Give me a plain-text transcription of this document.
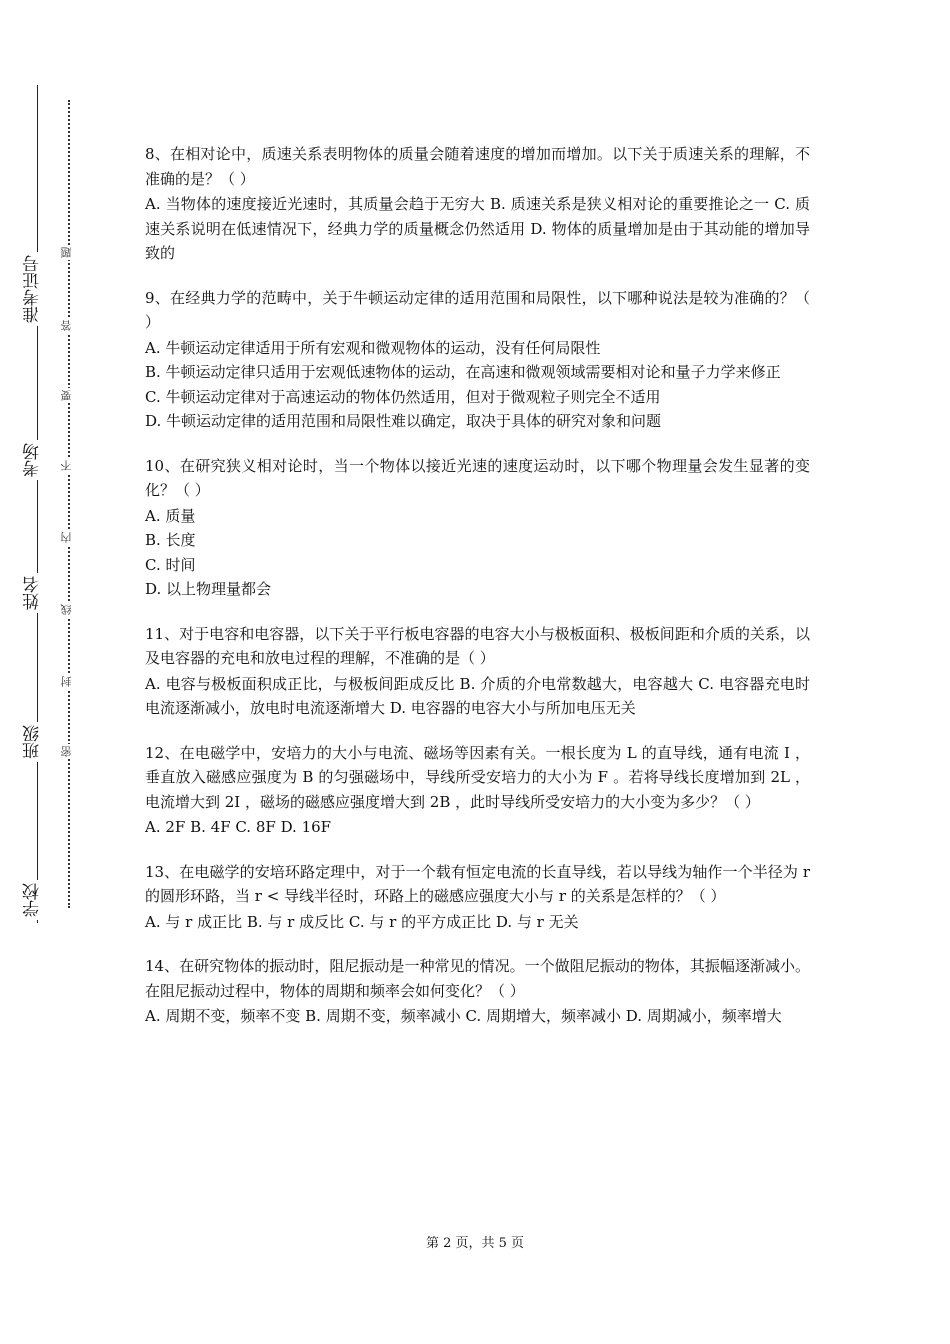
准考证号
考场
姓名
班级
学校
题
答
要
不
内
线
封
密

8、在相对论中，质速关系表明物体的质量会随着速度的增加而增加。以下关于质速关系的理解，不准确的是？（ ）

A. 当物体的速度接近光速时，其质量会趋于无穷大 B. 质速关系是狭义相对论的重要推论之一 C. 质速关系说明在低速情况下，经典力学的质量概念仍然适用 D. 物体的质量增加是由于其动能的增加导致的

9、在经典力学的范畴中，关于牛顿运动定律的适用范围和局限性，以下哪种说法是较为准确的？（ ）

A. 牛顿运动定律适用于所有宏观和微观物体的运动，没有任何局限性

B. 牛顿运动定律只适用于宏观低速物体的运动，在高速和微观领域需要相对论和量子力学来修正

C. 牛顿运动定律对于高速运动的物体仍然适用，但对于微观粒子则完全不适用

D. 牛顿运动定律的适用范围和局限性难以确定，取决于具体的研究对象和问题

10、在研究狭义相对论时，当一个物体以接近光速的速度运动时，以下哪个物理量会发生显著的变化？（ ）

A. 质量

B. 长度

C. 时间

D. 以上物理量都会

11、对于电容和电容器，以下关于平行板电容器的电容大小与极板面积、极板间距和介质的关系，以及电容器的充电和放电过程的理解，不准确的是（ ）

A. 电容与极板面积成正比，与极板间距成反比 B. 介质的介电常数越大，电容越大 C. 电容器充电时电流逐渐减小，放电时电流逐渐增大 D. 电容器的电容大小与所加电压无关

12、在电磁学中，安培力的大小与电流、磁场等因素有关。一根长度为 L 的直导线，通有电流 I ，垂直放入磁感应强度为 B 的匀强磁场中，导线所受安培力的大小为 F 。若将导线长度增加到 2L ，电流增大到 2I ，磁场的磁感应强度增大到 2B ，此时导线所受安培力的大小变为多少？（ ）

A. 2F B. 4F C. 8F D. 16F

13、在电磁学的安培环路定理中，对于一个载有恒定电流的长直导线，若以导线为轴作一个半径为 r 的圆形环路，当 r < 导线半径时，环路上的磁感应强度大小与 r 的关系是怎样的？（ ）

A. 与 r 成正比 B. 与 r 成反比 C. 与 r 的平方成正比 D. 与 r 无关

14、在研究物体的振动时，阻尼振动是一种常见的情况。一个做阻尼振动的物体，其振幅逐渐减小。在阻尼振动过程中，物体的周期和频率会如何变化？（ ）

A. 周期不变，频率不变 B. 周期不变，频率减小 C. 周期增大，频率减小 D. 周期减小，频率增大

第 2 页，共 5 页
